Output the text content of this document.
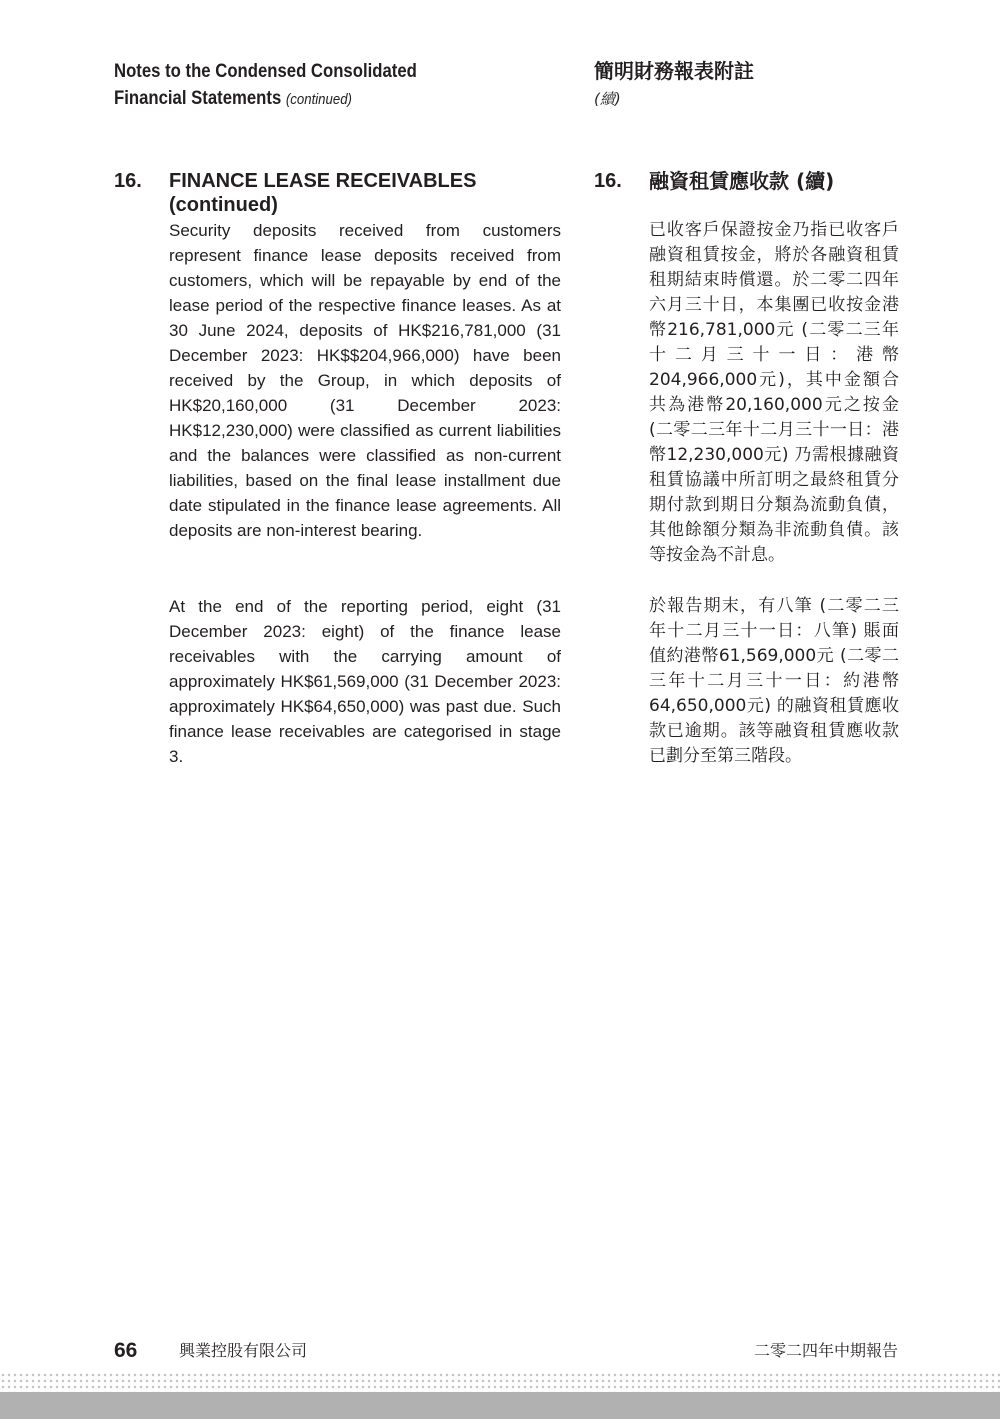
Notes to the Condensed Consolidated
Financial Statements (continued)
簡明財務報表附註
(續)
16. FINANCE LEASE RECEIVABLES
(continued)
16. 融資租賃應收款 (續)

Security deposits received from customers represent finance lease deposits received from customers, which will be repayable by end of the lease period of the respective finance leases. As at 30 June 2024, deposits of HK$216,781,000 (31 December 2023: HK$$204,966,000) have been received by the Group, in which deposits of HK$20,160,000 (31 December 2023: HK$12,230,000) were classified as current liabilities and the balances were classified as non-current liabilities, based on the final lease installment due date stipulated in the finance lease agreements. All deposits are non-interest bearing.

At the end of the reporting period, eight (31 December 2023: eight) of the finance lease receivables with the carrying amount of approximately HK$61,569,000 (31 December 2023: approximately HK$64,650,000) was past due. Such finance lease receivables are categorised in stage 3.

已收客戶保證按金乃指已收客戶融資租賃按金，將於各融資租賃租期結束時償還。於二零二四年六月三十日，本集團已收按金港幣216,781,000元 (二零二三年十二月三十一日：港幣204,966,000元)，其中金額合共為港幣20,160,000元之按金 (二零二三年十二月三十一日：港幣12,230,000元) 乃需根據融資租賃協議中所訂明之最終租賃分期付款到期日分類為流動負債，其他餘額分類為非流動負債。該等按金為不計息。

於報告期末，有八筆 (二零二三年十二月三十一日：八筆) 賬面值約港幣61,569,000元 (二零二三年十二月三十一日：約港幣64,650,000元) 的融資租賃應收款已逾期。該等融資租賃應收款已劃分至第三階段。

66	興業控股有限公司	二零二四年中期報告
